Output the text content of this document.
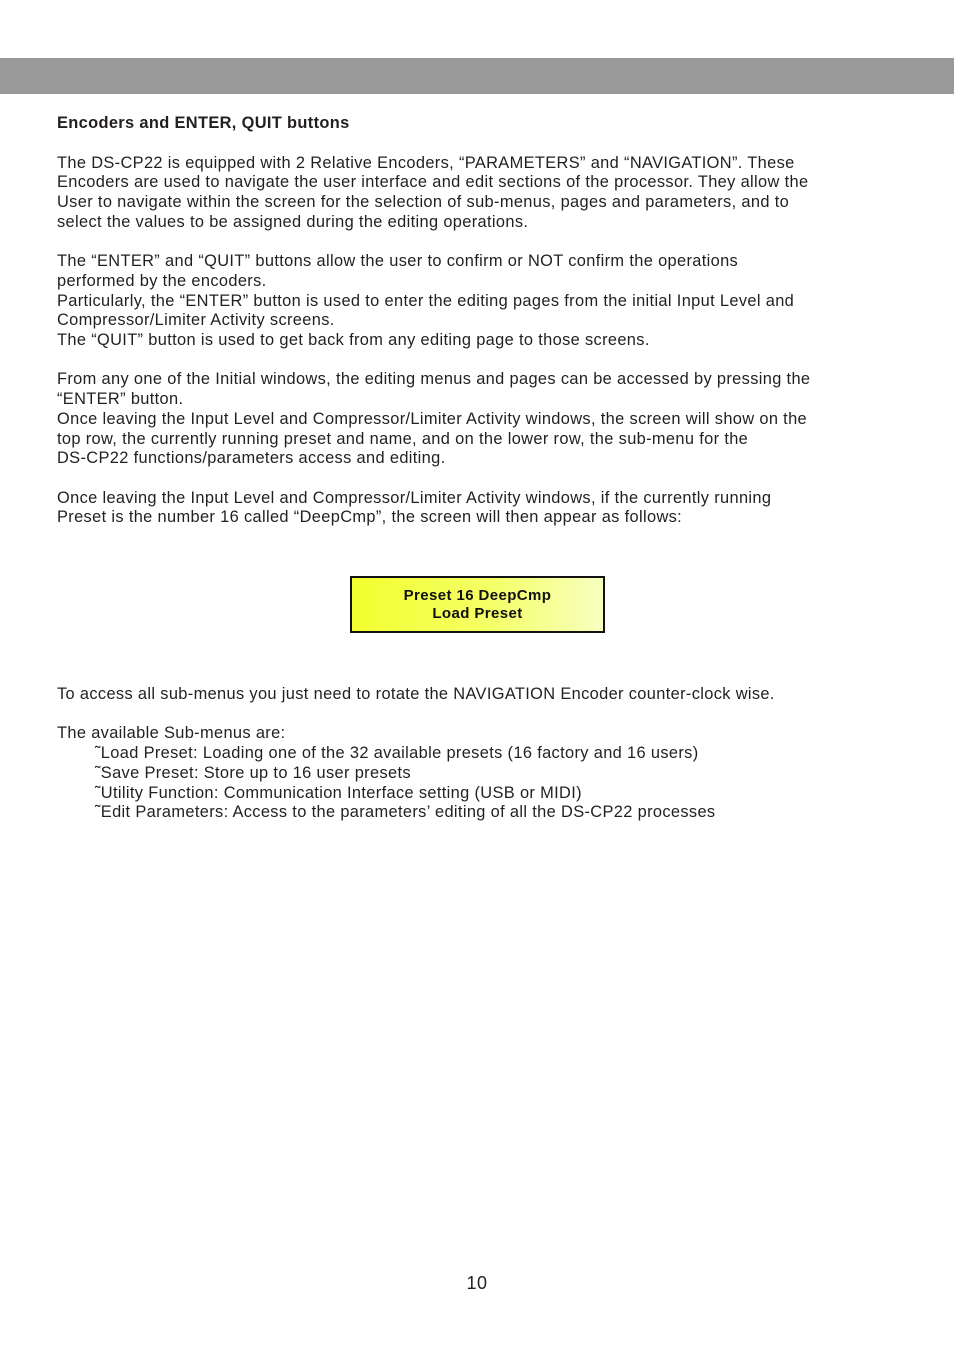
Encoders and ENTER, QUIT buttons

The DS-CP22 is equipped with 2 Relative Encoders, “PARAMETERS” and “NAVIGATION”. These

Encoders are used to navigate the user interface and edit sections of the processor. They allow the

User to navigate within the screen for the selection of sub-menus, pages and parameters, and to

select the values to be assigned during the editing operations.

The “ENTER” and “QUIT” buttons allow the user to confirm or NOT confirm the operations

performed by the encoders.

Particularly, the “ENTER” button is used to enter the editing pages from the initial Input Level and

Compressor/Limiter Activity screens.

The “QUIT” button is used to get back from any editing page to those screens.

From any one of the Initial windows, the editing menus and pages can be accessed by pressing the

“ENTER” button.

Once leaving the Input Level and Compressor/Limiter Activity windows, the screen will show on the

top row, the currently running preset and name, and on the lower row, the sub-menu for the

DS-CP22 functions/parameters access and editing.

Once leaving the Input Level and Compressor/Limiter Activity windows, if the currently running

Preset is the number 16 called “DeepCmp”, the screen will then appear as follows:

Preset 16 DeepCmp
Load Preset

To access all sub-menus you just need to rotate the NAVIGATION Encoder counter-clock wise.

The available Sub-menus are:

˜Load Preset: Loading one of the 32 available presets (16 factory and 16 users)

˜Save Preset: Store up to 16 user presets

˜Utility Function: Communication Interface setting (USB or MIDI)

˜Edit Parameters: Access to the parameters’ editing of all the DS-CP22 processes

10
